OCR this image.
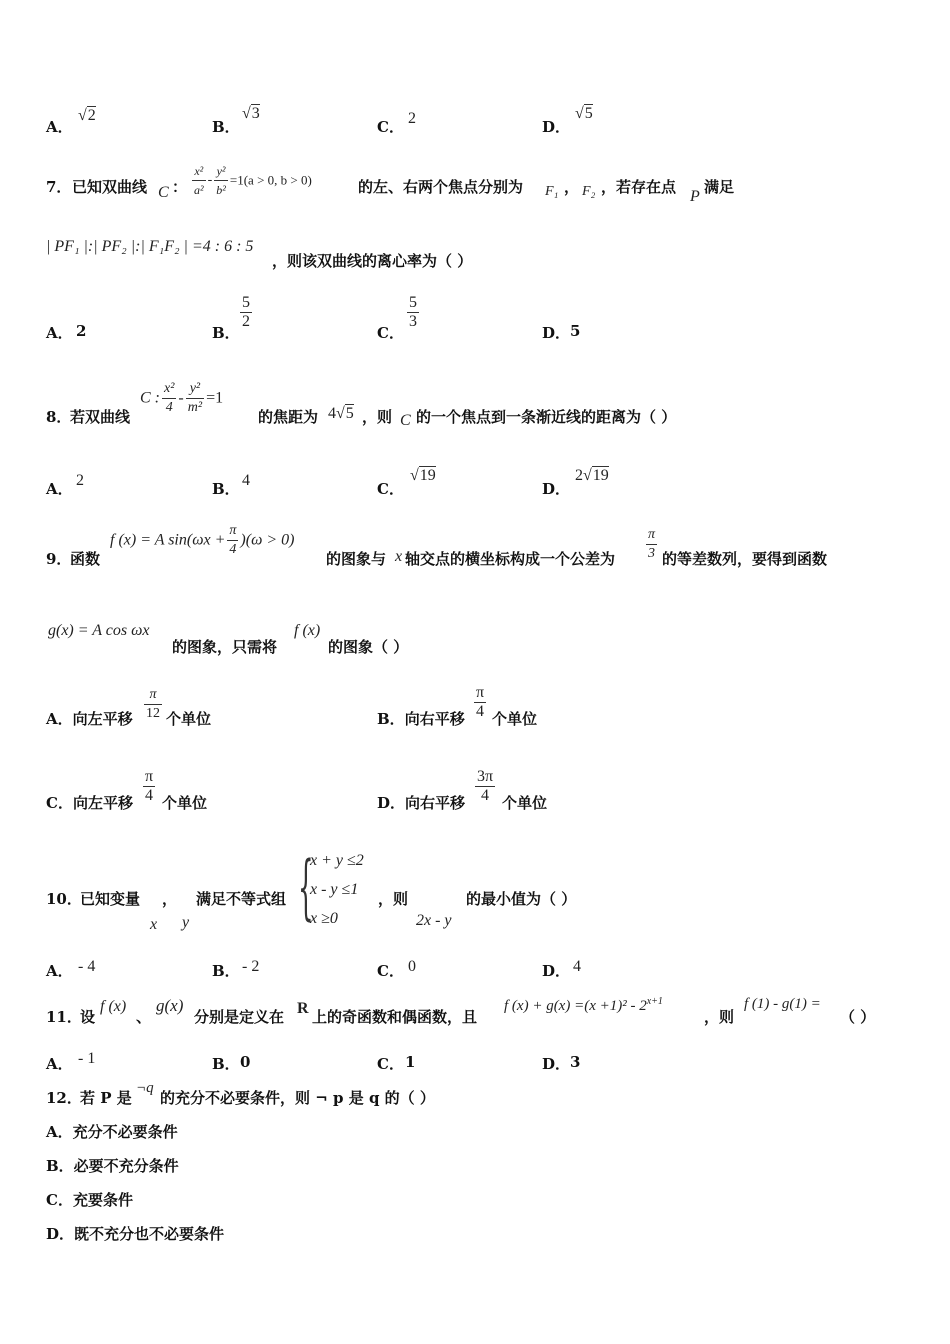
A．
√2
B．
√3
C． 2	D．
√5
7． 已知双曲线 C ： $\frac{\text{x²}}{\text{a²}} - \frac{\text{y²}}{\text{b²}} =1(a > 0$, b > 0)	的左、右两个焦点分别为 F₁ ， F₂ ，若存在点
P
满足
| PF₁ |:| PF₂ |:| F₁F₂ | =4 : 6 : 5
，则该双曲线的离心率为（ ）
A． 2	B．
$\frac{5}{2}$
C．
$\frac{5}{3}$
D． 5
8．
若双曲线
C : $\frac{\text{x²}}{4} - \frac{\text{y²}}{\text{m²}} =1$
的焦距为 4√5 ，则 C 的一个焦点到一条渐近线的距离为（ ）
A． 2	B． 4	C．
√19
D．
2√19
9．
函数
f (x) = A $\sin(\omega x + \frac{\pi}{4} )(\omega > 0)$
的图象与 x 轴交点的横坐标构成一个公差为 $\frac{\pi}{3}$ 的等差数列，要得到函数
g(x) = A cos ωx
的图象，只需将
f (x)
的图象（ ）
A．向左平移 $\frac{\pi}{12}$ 个单位	B．向右平移 $\frac{\pi}{4}$ 个单位
C．向左平移 $\frac{\pi}{4}$ 个单位	D．向右平移 $\frac{3\pi}{4}$ 个单位
10．
已知变量
x
，
y
满足不等式组 {
x + y ≤2
x - y ≤1
x ≥0
，则
2x - y
的最小值为（ ）
A． - 4	B． - 2	C． 0	D． 4
11．
设
f (x)
、
g(x)
分别是定义在 R 上的奇函数和偶函数，且
f $(x) + g(x) =(x +1)^2 - 2^{x+1}$
，则
f (1) - g(1) =
（ ）
A． - 1	B． 0	C． 1	D． 3
12．
若 P 是
¬q
的充分不必要条件，则 ¬ p 是 q 的（ ）
A．充分不必要条件
B．必要不充分条件
C．充要条件
D．既不充分也不必要条件
